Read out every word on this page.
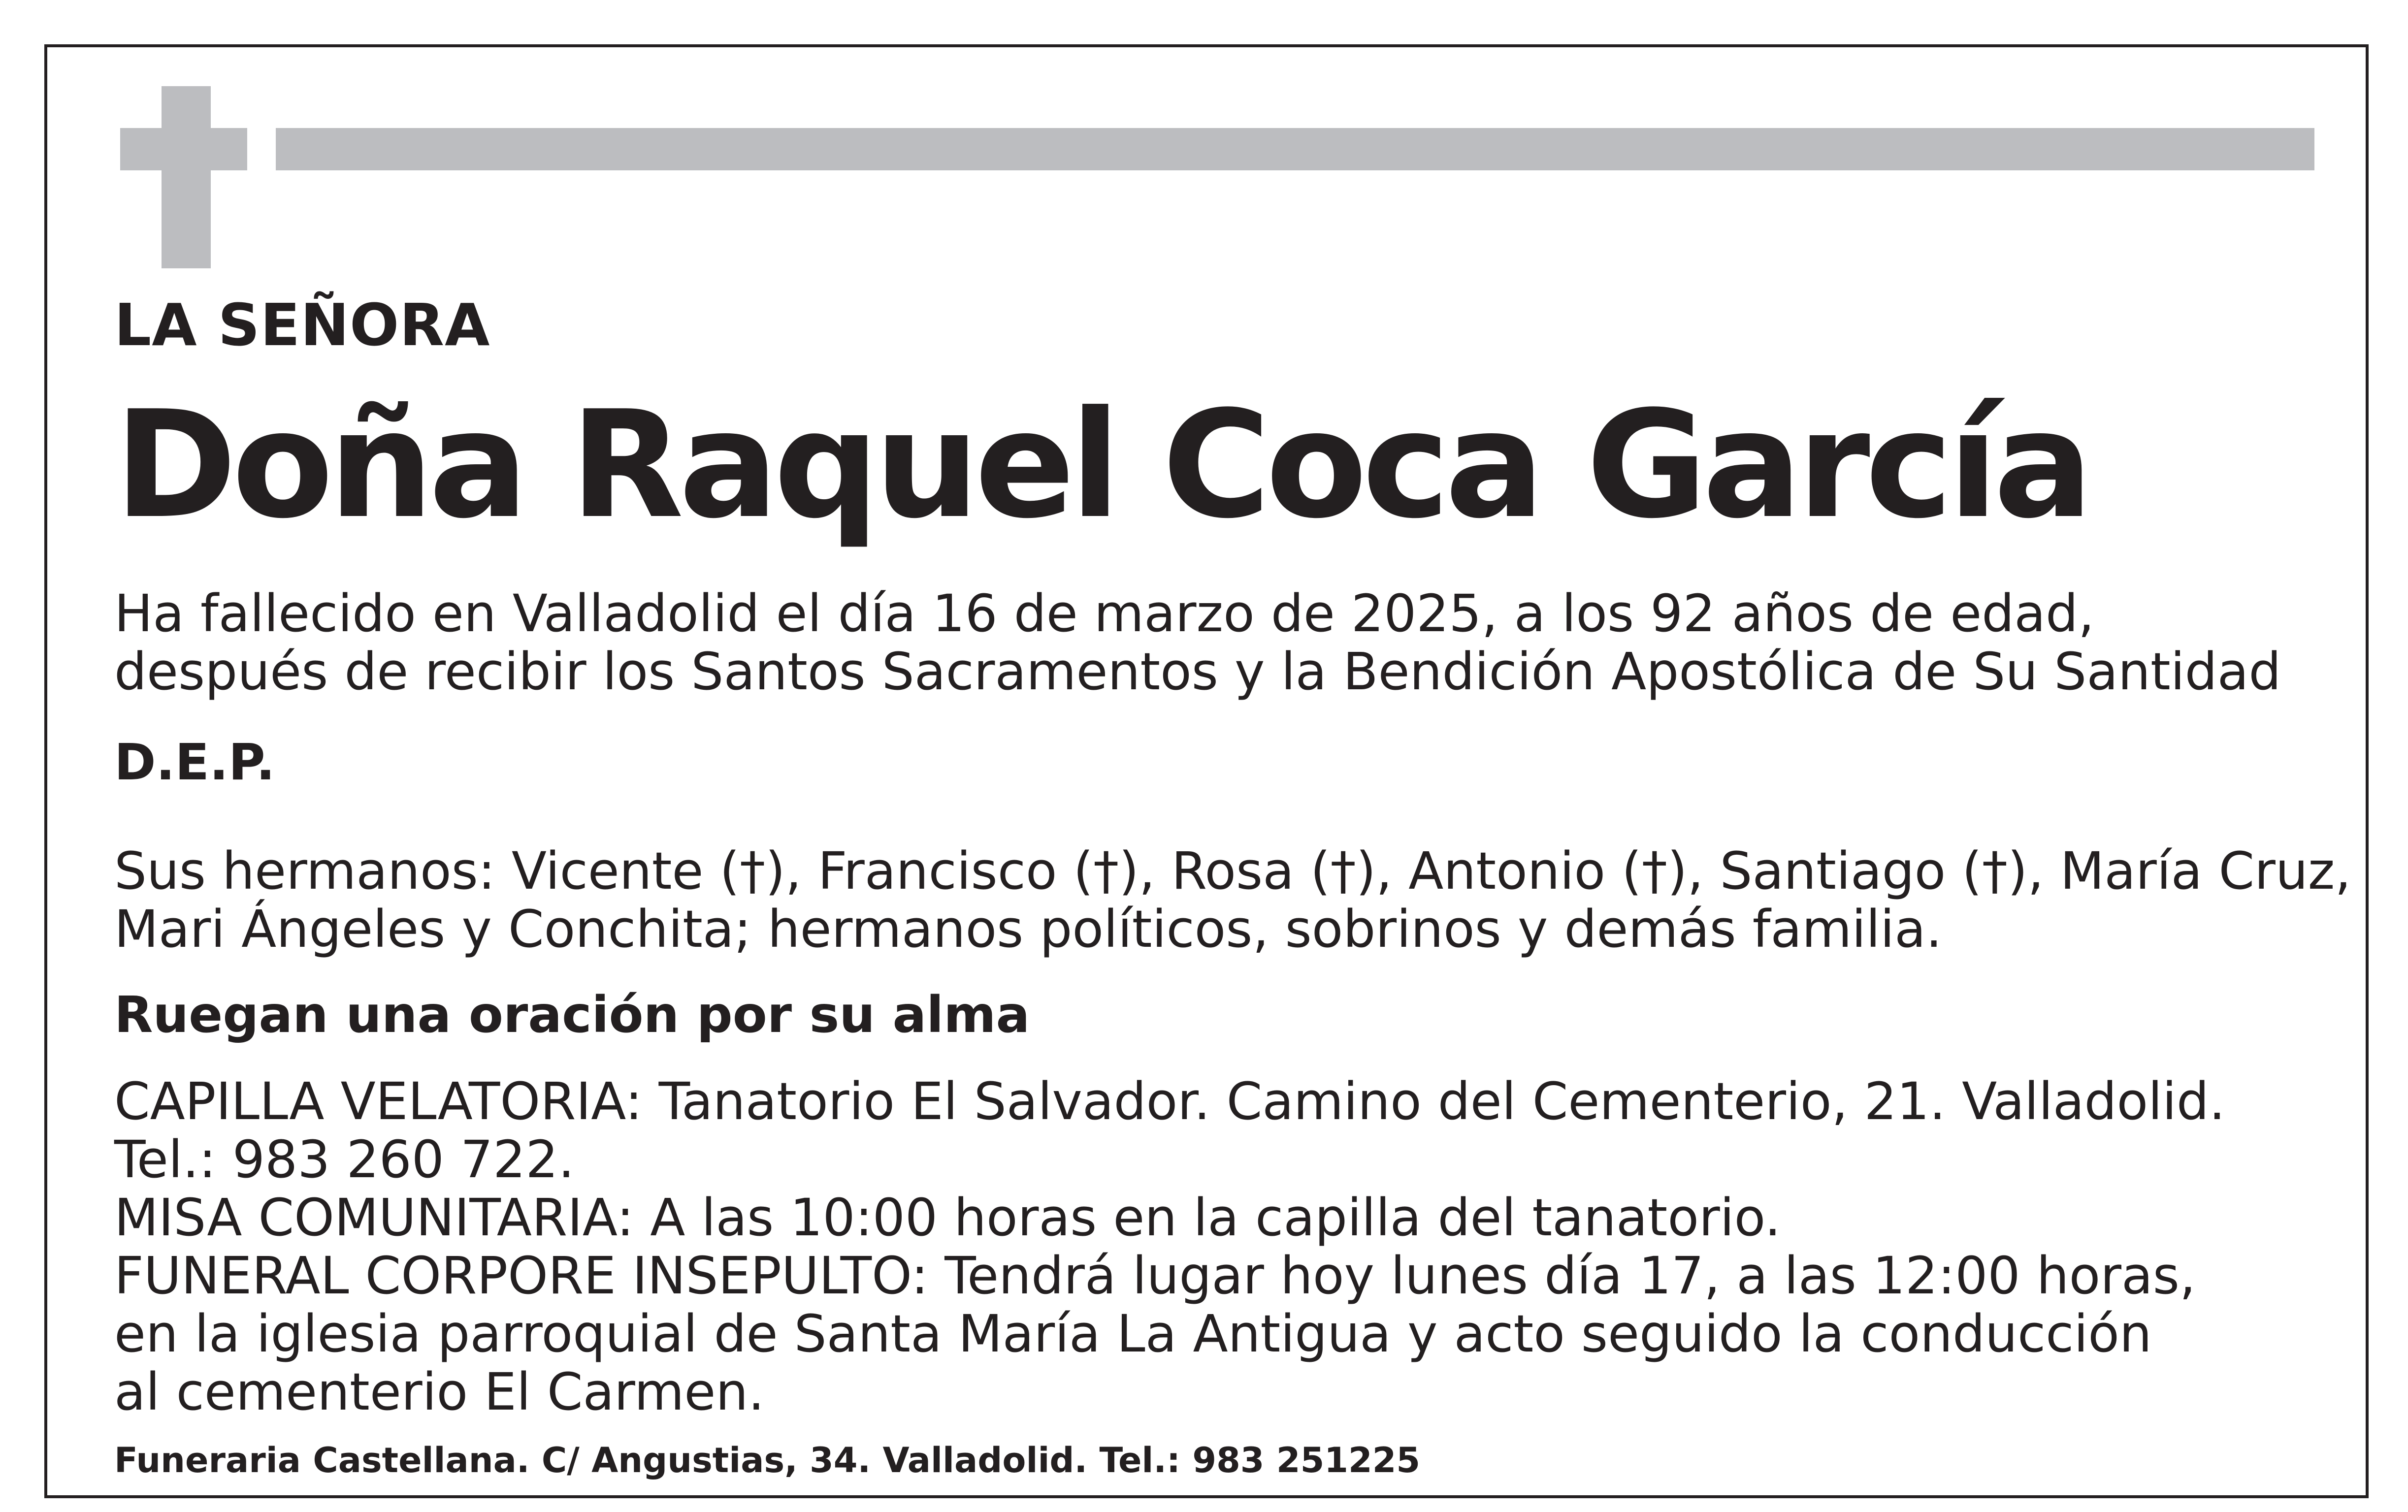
LA SEÑORA

Doña Raquel Coca García

Ha fallecido en Valladolid el día 16 de marzo de 2025, a los 92 años de edad,

después de recibir los Santos Sacramentos y la Bendición Apostólica de Su Santidad

D.E.P.

Sus hermanos: Vicente (†), Francisco (†), Rosa (†), Antonio (†), Santiago (†), María Cruz,

Mari Ángeles y Conchita; hermanos políticos, sobrinos y demás familia.

Ruegan una oración por su alma

CAPILLA VELATORIA: Tanatorio El Salvador. Camino del Cementerio, 21. Valladolid.

Tel.: 983 260 722.

MISA COMUNITARIA: A las 10:00 horas en la capilla del tanatorio.

FUNERAL CORPORE INSEPULTO: Tendrá lugar hoy lunes día 17, a las 12:00 horas,

en la iglesia parroquial de Santa María La Antigua y acto seguido la conducción

al cementerio El Carmen.

Funeraria Castellana. C/ Angustias, 34. Valladolid. Tel.: 983 251225
